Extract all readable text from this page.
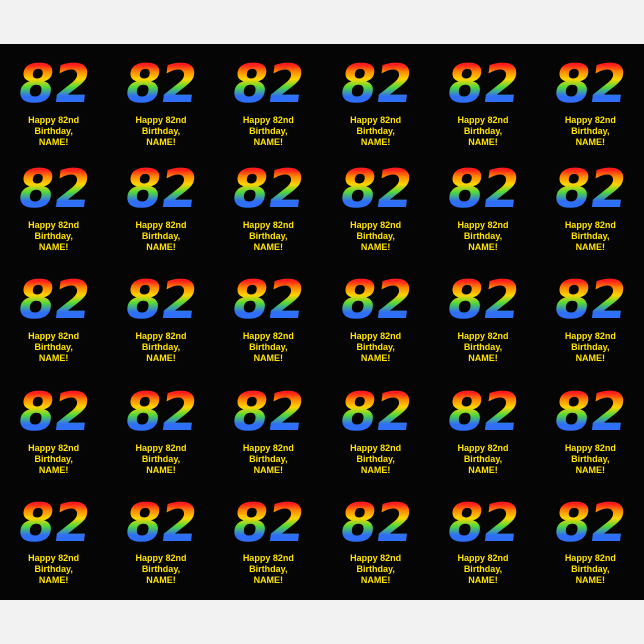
82
Happy 82nd
Birthday,
NAME!
82
Happy 82nd
Birthday,
NAME!
82
Happy 82nd
Birthday,
NAME!
82
Happy 82nd
Birthday,
NAME!
82
Happy 82nd
Birthday,
NAME!
82
Happy 82nd
Birthday,
NAME!
82
Happy 82nd
Birthday,
NAME!
82
Happy 82nd
Birthday,
NAME!
82
Happy 82nd
Birthday,
NAME!
82
Happy 82nd
Birthday,
NAME!
82
Happy 82nd
Birthday,
NAME!
82
Happy 82nd
Birthday,
NAME!
82
Happy 82nd
Birthday,
NAME!
82
Happy 82nd
Birthday,
NAME!
82
Happy 82nd
Birthday,
NAME!
82
Happy 82nd
Birthday,
NAME!
82
Happy 82nd
Birthday,
NAME!
82
Happy 82nd
Birthday,
NAME!
82
Happy 82nd
Birthday,
NAME!
82
Happy 82nd
Birthday,
NAME!
82
Happy 82nd
Birthday,
NAME!
82
Happy 82nd
Birthday,
NAME!
82
Happy 82nd
Birthday,
NAME!
82
Happy 82nd
Birthday,
NAME!
82
Happy 82nd
Birthday,
NAME!
82
Happy 82nd
Birthday,
NAME!
82
Happy 82nd
Birthday,
NAME!
82
Happy 82nd
Birthday,
NAME!
82
Happy 82nd
Birthday,
NAME!
82
Happy 82nd
Birthday,
NAME!
